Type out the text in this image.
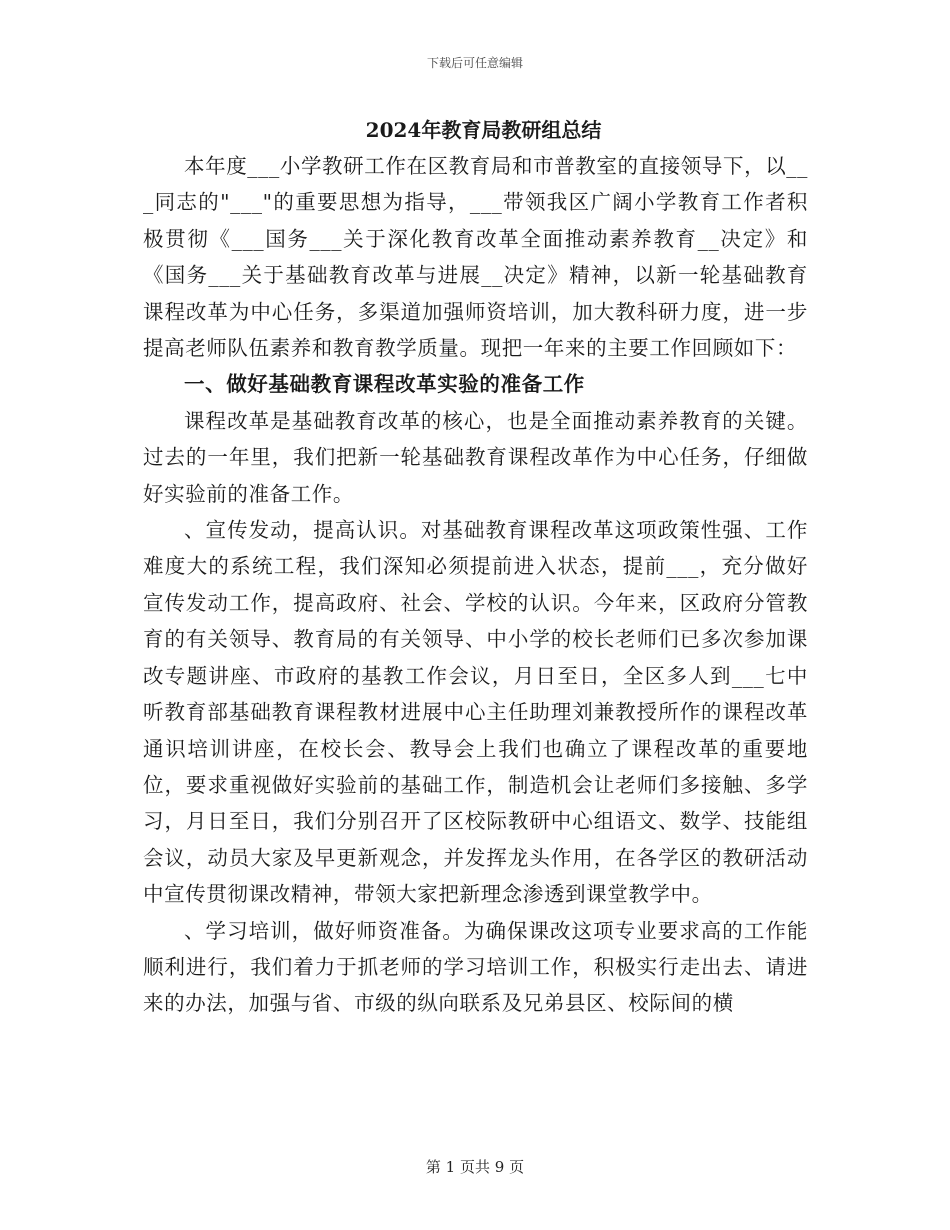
下载后可任意编辑
2024年教育局教研组总结

本年度___小学教研工作在区教育局和市普教室的直接领导下，以___同志的"___"的重要思想为指导，___带领我区广阔小学教育工作者积极贯彻《___国务___关于深化教育改革全面推动素养教育__决定》和《国务___关于基础教育改革与进展__决定》精神，以新一轮基础教育课程改革为中心任务，多渠道加强师资培训，加大教科研力度，进一步提高老师队伍素养和教育教学质量。现把一年来的主要工作回顾如下：

一、做好基础教育课程改革实验的准备工作

课程改革是基础教育改革的核心，也是全面推动素养教育的关键。过去的一年里，我们把新一轮基础教育课程改革作为中心任务，仔细做好实验前的准备工作。

、宣传发动，提高认识。对基础教育课程改革这项政策性强、工作难度大的系统工程，我们深知必须提前进入状态，提前___，充分做好宣传发动工作，提高政府、社会、学校的认识。今年来，区政府分管教育的有关领导、教育局的有关领导、中小学的校长老师们已多次参加课改专题讲座、市政府的基教工作会议，月日至日，全区多人到___七中听教育部基础教育课程教材进展中心主任助理刘兼教授所作的课程改革通识培训讲座，在校长会、教导会上我们也确立了课程改革的重要地位，要求重视做好实验前的基础工作，制造机会让老师们多接触、多学习，月日至日，我们分别召开了区校际教研中心组语文、数学、技能组会议，动员大家及早更新观念，并发挥龙头作用，在各学区的教研活动中宣传贯彻课改精神，带领大家把新理念渗透到课堂教学中。

、学习培训，做好师资准备。为确保课改这项专业要求高的工作能顺利进行，我们着力于抓老师的学习培训工作，积极实行走出去、请进来的办法，加强与省、市级的纵向联系及兄弟县区、校际间的横

第 1 页共 9 页
